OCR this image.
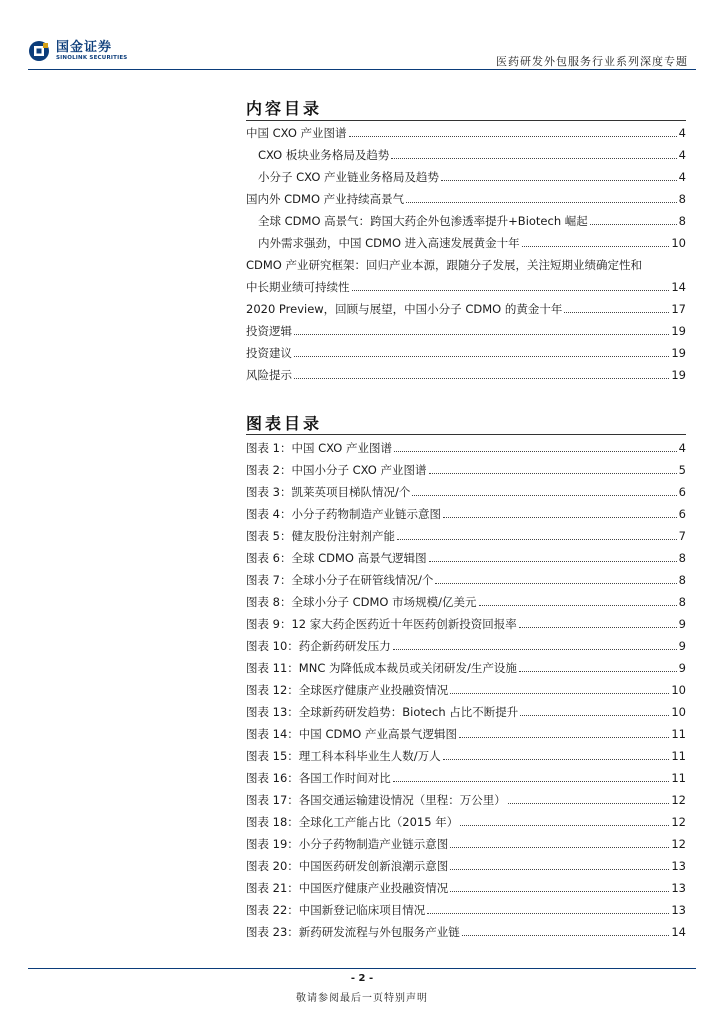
国金证券
SINOLINK SECURITIES	医药研发外包服务行业系列深度专题
内容目录
中国 CXO 产业图谱	4
CXO 板块业务格局及趋势	4
小分子 CXO 产业链业务格局及趋势	4
国内外 CDMO 产业持续高景气	8
全球 CDMO 高景气：跨国大药企外包渗透率提升+Biotech 崛起	8
内外需求强劲，中国 CDMO 进入高速发展黄金十年	10
CDMO 产业研究框架：回归产业本源，跟随分子发展，关注短期业绩确定性和
中长期业绩可持续性	14
2020 Preview，回顾与展望，中国小分子 CDMO 的黄金十年	17
投资逻辑	19
投资建议	19
风险提示	19
图表目录
图表 1：中国 CXO 产业图谱	4
图表 2：中国小分子 CXO 产业图谱	5
图表 3：凯莱英项目梯队情况/个	6
图表 4：小分子药物制造产业链示意图	6
图表 5：健友股份注射剂产能	7
图表 6：全球 CDMO 高景气逻辑图	8
图表 7：全球小分子在研管线情况/个	8
图表 8：全球小分子 CDMO 市场规模/亿美元	8
图表 9：12 家大药企医药近十年医药创新投资回报率	9
图表 10：药企新药研发压力	9
图表 11：MNC 为降低成本裁员或关闭研发/生产设施	9
图表 12：全球医疗健康产业投融资情况	10
图表 13：全球新药研发趋势：Biotech 占比不断提升	10
图表 14：中国 CDMO 产业高景气逻辑图	11
图表 15：理工科本科毕业生人数/万人	11
图表 16：各国工作时间对比	11
图表 17：各国交通运输建设情况（里程：万公里）	12
图表 18：全球化工产能占比（2015 年）	12
图表 19：小分子药物制造产业链示意图	12
图表 20：中国医药研发创新浪潮示意图	13
图表 21：中国医疗健康产业投融资情况	13
图表 22：中国新登记临床项目情况	13
图表 23：新药研发流程与外包服务产业链	14
- 2 -
敬请参阅最后一页特别声明
